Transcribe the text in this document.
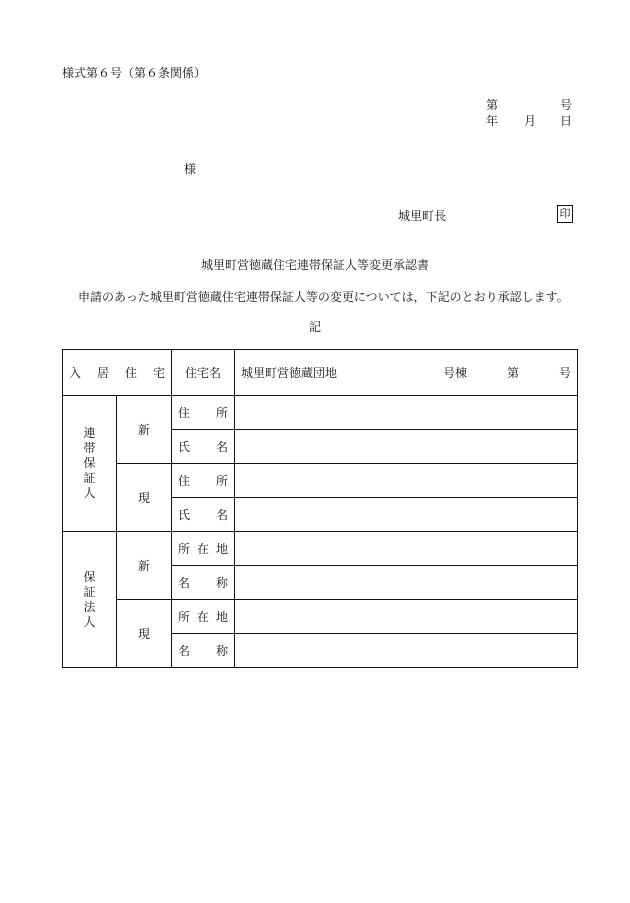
様式第６号（第６条関係）
第	号
年 月 日
様
城里町長	印
城里町営徳蔵住宅連帯保証人等変更承認書
申請のあった城里町営徳蔵住宅連帯保証人等の変更については，下記のとおり承認します。
記
入 居 住 宅		住宅名	城里町営徳蔵団地 号棟 第 号

連帯保証人	新	住 所	

		氏 名	

	現	住 所	

		氏 名	

保証法人	新	所 在 地	

		名 称	

	現	所 在 地	

		名 称	
